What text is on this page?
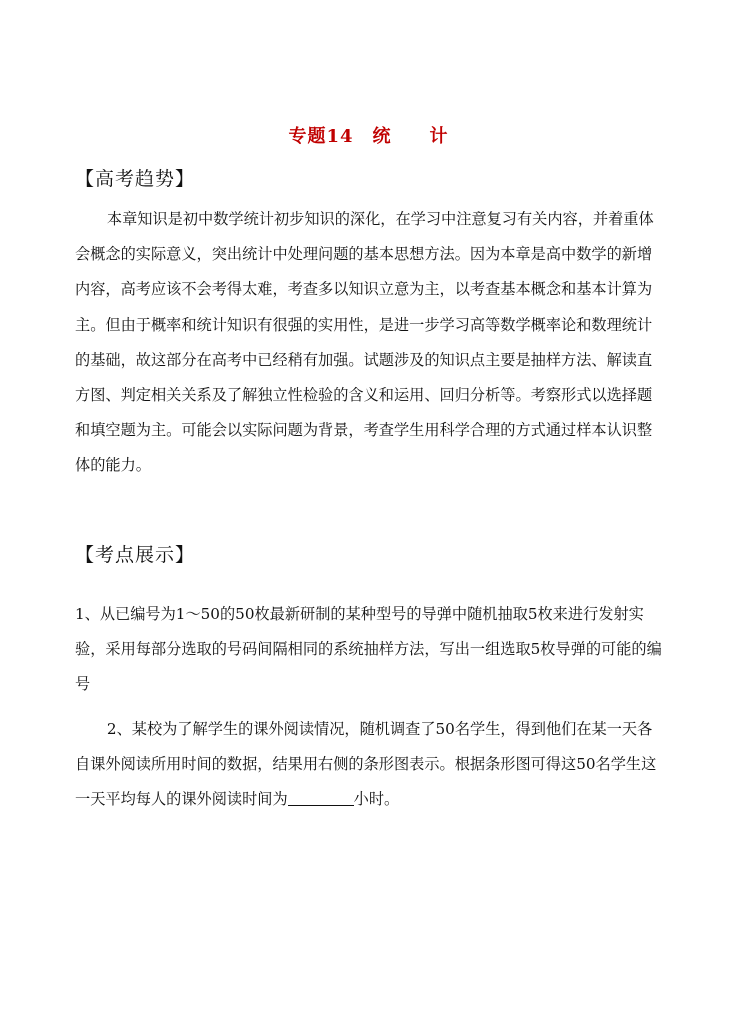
专题14　统　　计
【高考趋势】

本章知识是初中数学统计初步知识的深化，在学习中注意复习有关内容，并着重体会概念的实际意义，突出统计中处理问题的基本思想方法。因为本章是高中数学的新增内容，高考应该不会考得太难，考查多以知识立意为主，以考查基本概念和基本计算为主。但由于概率和统计知识有很强的实用性，是进一步学习高等数学概率论和数理统计的基础，故这部分在高考中已经稍有加强。试题涉及的知识点主要是抽样方法、解读直方图、判定相关关系及了解独立性检验的含义和运用、回归分析等。考察形式以选择题和填空题为主。可能会以实际问题为背景，考查学生用科学合理的方式通过样本认识整体的能力。

【考点展示】

1、从已编号为1～50的50枚最新研制的某种型号的导弹中随机抽取5枚来进行发射实验，采用每部分选取的号码间隔相同的系统抽样方法，写出一组选取5枚导弹的可能的编号

2、某校为了解学生的课外阅读情况，随机调查了50名学生，得到他们在某一天各自课外阅读所用时间的数据，结果用右侧的条形图表示。根据条形图可得这50名学生这一天平均每人的课外阅读时间为	小时。
